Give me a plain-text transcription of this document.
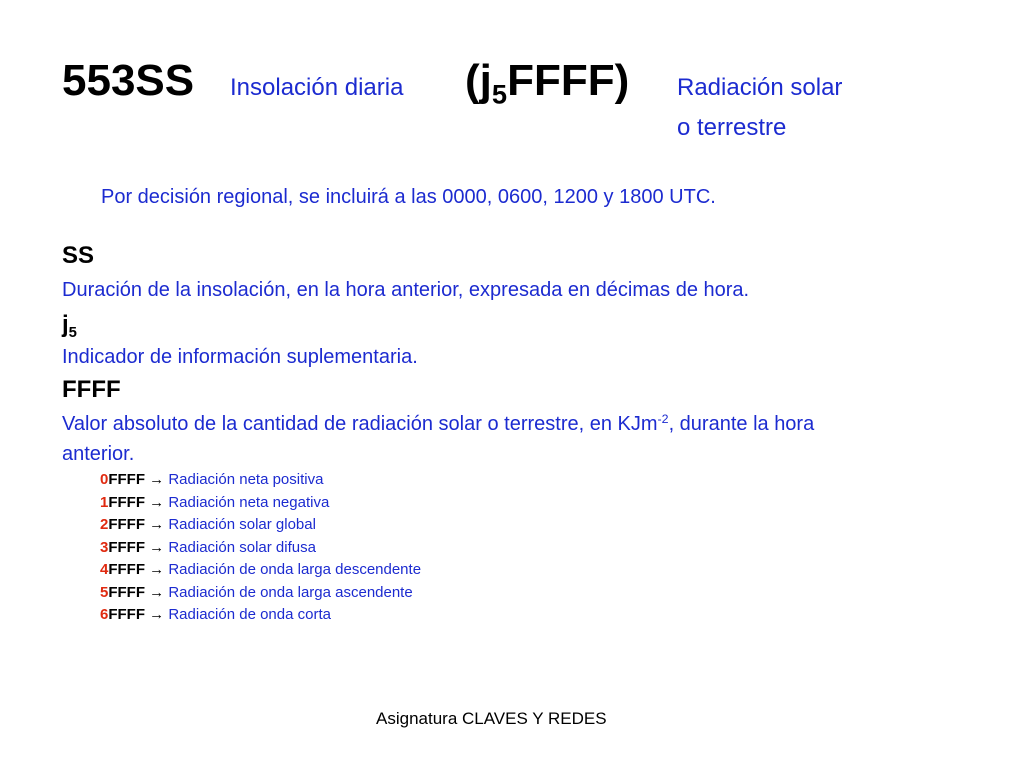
553SS Insolación diaria $(j_5FFFF)$ Radiación solar
o terrestre
Por decisión regional, se incluirá a las 0000, 0600, 1200 y 1800 UTC.
SS
Duración de la insolación, en la hora anterior, expresada en décimas de hora.
$j_5$
Indicador de información suplementaria.
FFFF
Valor absoluto de la cantidad de radiación solar o terrestre, en KJm$^{-2}$, durante la hora
anterior.
0FFFF → Radiación neta positiva
1FFFF → Radiación neta negativa
2FFFF → Radiación solar global
3FFFF → Radiación solar difusa
4FFFF → Radiación de onda larga descendente
5FFFF → Radiación de onda larga ascendente
6FFFF → Radiación de onda corta
Asignatura CLAVES Y REDES
